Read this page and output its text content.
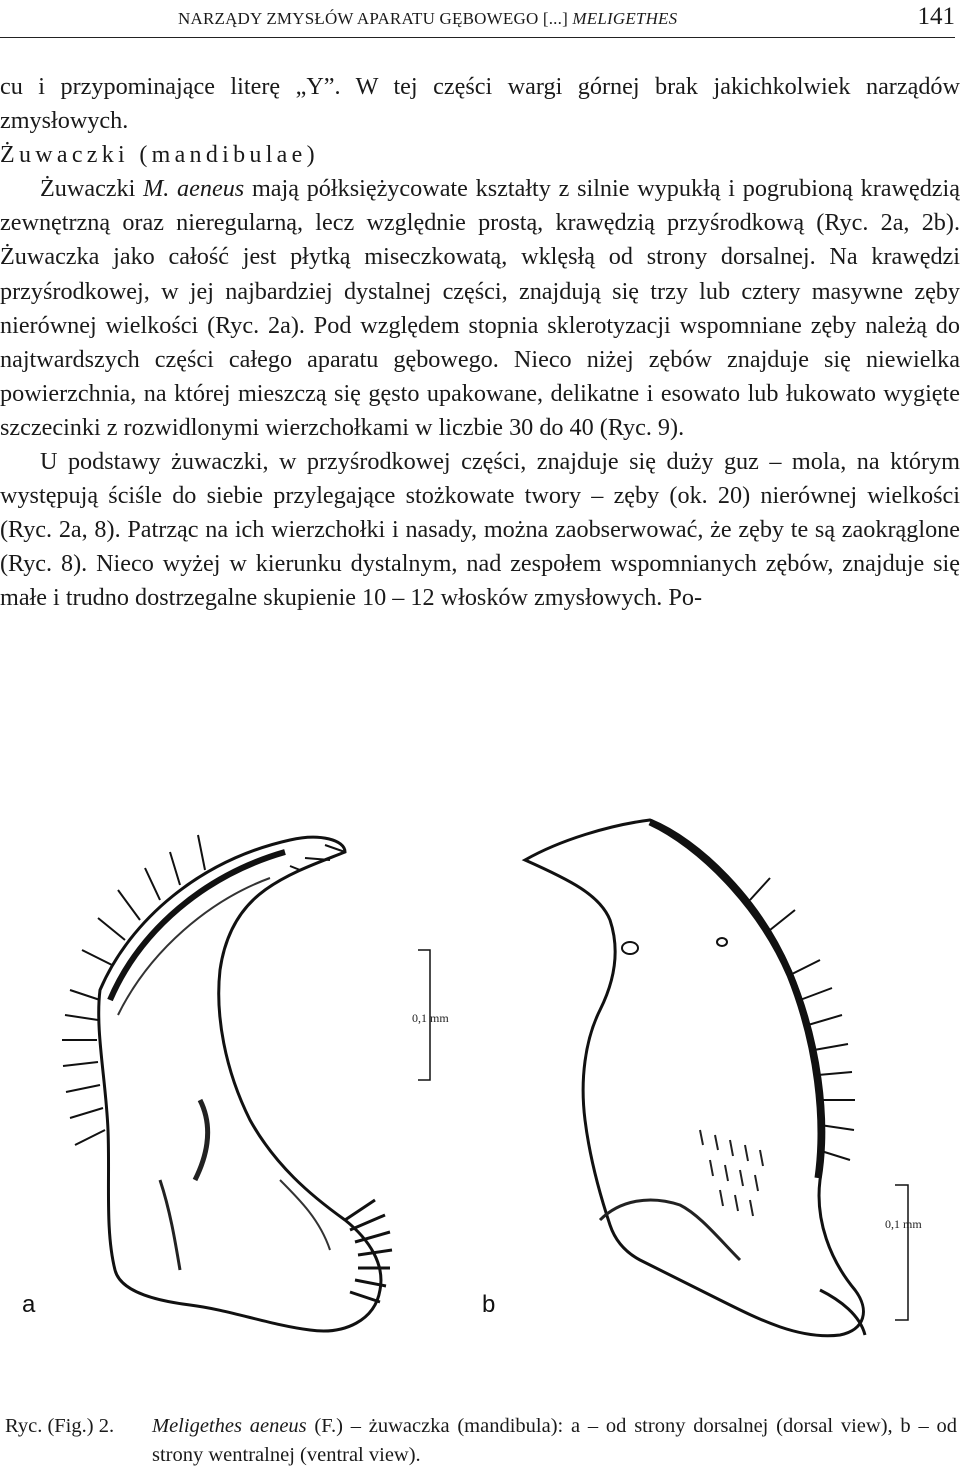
NARZĄDY ZMYSŁÓW APARATU GĘBOWEGO [...] MELIGETHES	141

cu i przypominające literę „Y”. W tej części wargi górnej brak jakichkolwiek narządów zmysłowych.

Żuwaczki (mandibulae)

Żuwaczki M. aeneus mają półksiężycowate kształty z silnie wypukłą i pogrubioną krawędzią zewnętrzną oraz nieregularną, lecz względnie prostą, krawędzią przyśrodkową (Ryc. 2a, 2b). Żuwaczka jako całość jest płytką miseczkowatą, wklęsłą od strony dorsalnej. Na krawędzi przyśrodkowej, w jej najbardziej dystalnej części, znajdują się trzy lub cztery masywne zęby nierównej wielkości (Ryc. 2a). Pod względem stopnia sklerotyzacji wspomniane zęby należą do najtwardszych części całego aparatu gębowego. Nieco niżej zębów znajduje się niewielka powierzchnia, na której mieszczą się gęsto upakowane, delikatne i esowato lub łukowato wygięte szczecinki z rozwidlonymi wierzchołkami w liczbie 30 do 40 (Ryc. 9).

U podstawy żuwaczki, w przyśrodkowej części, znajduje się duży guz – mola, na którym występują ściśle do siebie przylegające stożkowate twory – zęby (ok. 20) nierównej wielkości (Ryc. 2a, 8). Patrząc na ich wierzchołki i nasady, można zaobserwować, że zęby te są zaokrąglone (Ryc. 8). Nieco wyżej w kierunku dystalnym, nad zespołem wspomnianych zębów, znajduje się małe i trudno dostrzegalne skupienie 10 – 12 włosków zmysłowych. Po-

0,1 mm
0,1 mm
a	b
Ryc. (Fig.) 2. Meligethes aeneus (F.) – żuwaczka (mandibula): a – od strony dorsalnej (dorsal view), b – od strony wentralnej (ventral view).
